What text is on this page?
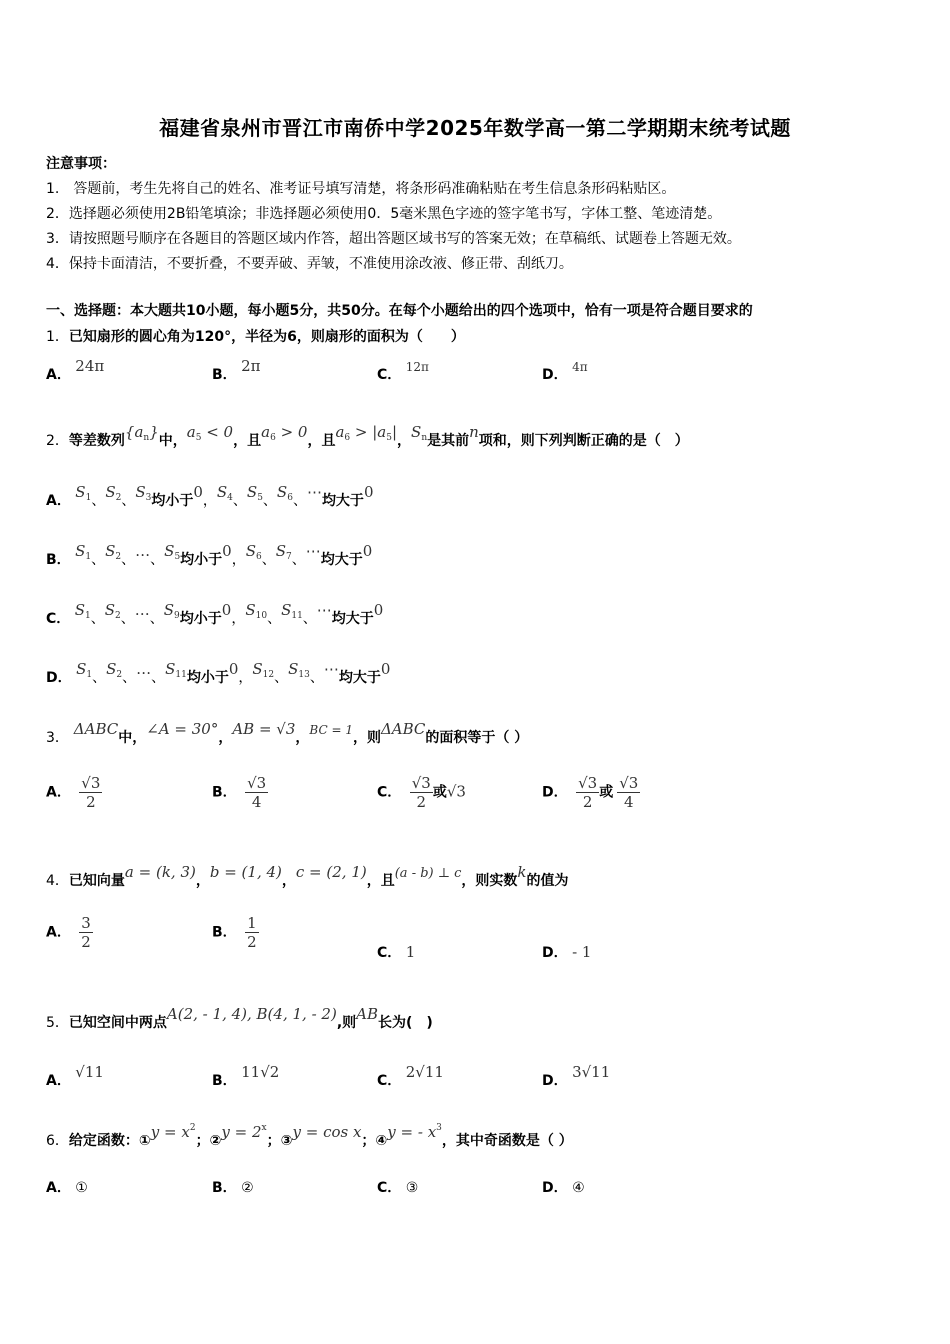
福建省泉州市晋江市南侨中学2025年数学高一第二学期期末统考试题
注意事项：
1.　答题前，考生先将自己的姓名、准考证号填写清楚，将条形码准确粘贴在考生信息条形码粘贴区。
2．选择题必须使用2B铅笔填涂；非选择题必须使用0．5毫米黑色字迹的签字笔书写，字体工整、笔迹清楚。
3．请按照题号顺序在各题目的答题区域内作答，超出答题区域书写的答案无效；在草稿纸、试题卷上答题无效。
4．保持卡面清洁，不要折叠，不要弄破、弄皱，不准使用涂改液、修正带、刮纸刀。
一、选择题：本大题共10小题，每小题5分，共50分。在每个小题给出的四个选项中，恰有一项是符合题目要求的
1．已知扇形的圆心角为120°，半径为6，则扇形的面积为（　　）
A． 24π	B． 2π	C． 12π	D． 4π
2．等差数列$\{a_n\}$中，$a_5 < 0$，且$a_6 > 0$，且$a_6 > |a_5|$，$S_n$是其前n项和，则下列判断正确的是（　）
A． $S_1$、$S_2$、$S_3$均小于0，$S_4$、$S_5$、$S_6$、⋯均大于0
B． $S_1$、$S_2$、…、$S_5$均小于0，$S_6$、$S_7$、⋯均大于0
C． $S_1$、$S_2$、…、$S_9$均小于0，$S_{10}$、$S_{11}$、⋯均大于0
D． $S_1$、$S_2$、…、$S_{11}$均小于0，$S_{12}$、$S_{13}$、⋯均大于0
3． ΔABC中，∠A = 30°，AB = √3，BC = 1，则ΔABC的面积等于（ ）
A． $\frac{√3}{2}$	B． $\frac{√3}{4}$	C． $\frac{√3}{2}$ 或√3	D． $\frac{√3}{2}$ 或 $\frac{√3}{4}$
4．已知向量a = (k, 3)，b = (1, 4)，c = (2, 1)，且(a - b) ⊥ c，则实数k的值为
A． $\frac{3}{2}$	B． $\frac{1}{2}$
C． 1	D． - 1
5．已知空间中两点A(2, - 1, 4), B(4, 1, - 2),则AB长为(　)
A． √11	B． 11√2	C． 2√11	D． 3√11
6．给定函数：①y = $x^2$；②y = $2^x$；③y = cos x；④y = - $x^3$，其中奇函数是（ ）
A． ①	B． ②	C． ③	D． ④
